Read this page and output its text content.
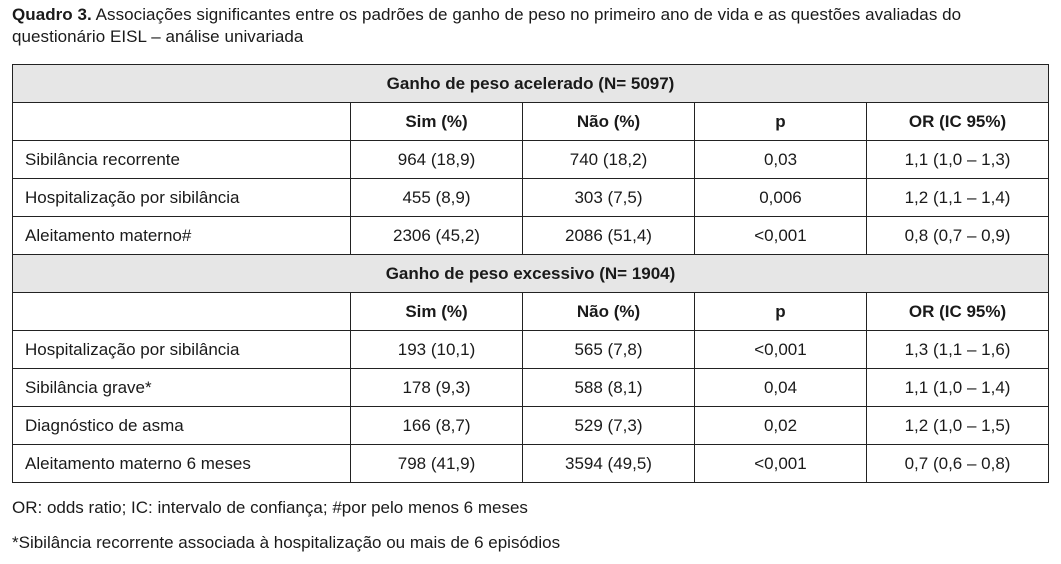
Quadro 3. Associações significantes entre os padrões de ganho de peso no primeiro ano de vida e as questões avaliadas do questionário EISL – análise univariada
Ganho de peso acelerado (N= 5097)				
	Sim (%)	Não (%)	p	OR (IC 95%)
Sibilância recorrente	964 (18,9)	740 (18,2)	0,03	1,1 (1,0 – 1,3)
Hospitalização por sibilância	455 (8,9)	303 (7,5)	0,006	1,2 (1,1 – 1,4)
Aleitamento materno#	2306 (45,2)	2086 (51,4)	<0,001	0,8 (0,7 – 0,9)
Ganho de peso excessivo (N= 1904)				
	Sim (%)	Não (%)	p	OR (IC 95%)
Hospitalização por sibilância	193 (10,1)	565 (7,8)	<0,001	1,3 (1,1 – 1,6)
Sibilância grave*	178 (9,3)	588 (8,1)	0,04	1,1 (1,0 – 1,4)
Diagnóstico de asma	166 (8,7)	529 (7,3)	0,02	1,2 (1,0 – 1,5)
Aleitamento materno 6 meses	798 (41,9)	3594 (49,5)	<0,001	0,7 (0,6 – 0,8)
OR: odds ratio; IC: intervalo de confiança; #por pelo menos 6 meses
*Sibilância recorrente associada à hospitalização ou mais de 6 episódios
